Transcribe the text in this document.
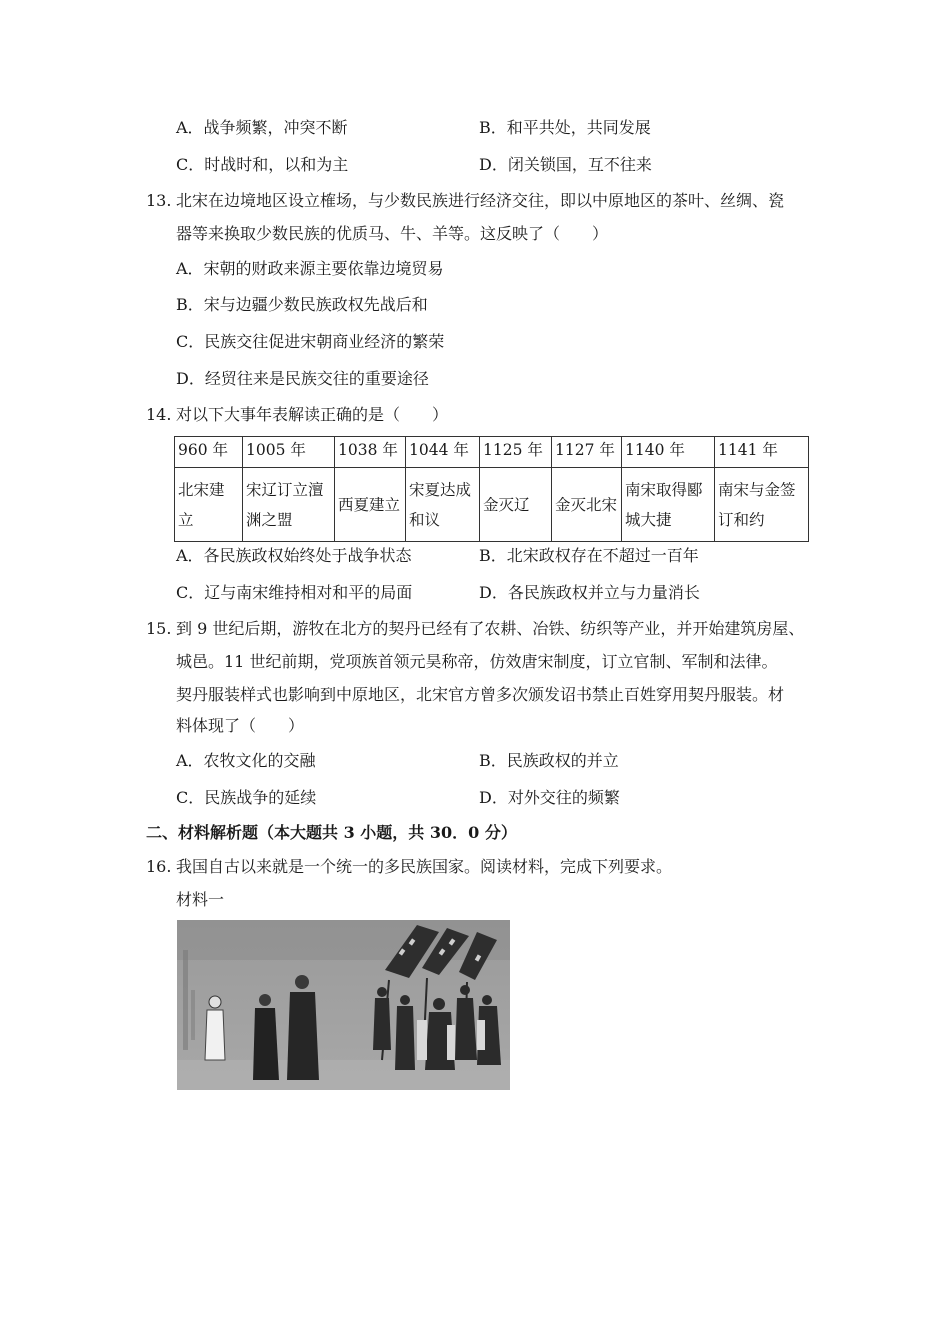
A．战争频繁，冲突不断	B．和平共处，共同发展
C．时战时和，以和为主	D．闭关锁国，互不往来
13. 北宋在边境地区设立榷场，与少数民族进行经济交往，即以中原地区的茶叶、丝绸、瓷
器等来换取少数民族的优质马、牛、羊等。这反映了（　　）
A．宋朝的财政来源主要依靠边境贸易
B．宋与边疆少数民族政权先战后和
C．民族交往促进宋朝商业经济的繁荣
D．经贸往来是民族交往的重要途径
14. 对以下大事年表解读正确的是（　　）
960 年	1005 年	1038 年	1044 年	1125 年	1127 年	1140 年	1141 年
北宋建立	宋辽订立澶渊之盟	西夏建立	宋夏达成和议	金灭辽	金灭北宋	南宋取得郾城大捷	南宋与金签订和约
A．各民族政权始终处于战争状态	B．北宋政权存在不超过一百年
C．辽与南宋维持相对和平的局面	D．各民族政权并立与力量消长
15. 到 9 世纪后期，游牧在北方的契丹已经有了农耕、冶铁、纺织等产业，并开始建筑房屋、
城邑。11 世纪前期，党项族首领元昊称帝，仿效唐宋制度，订立官制、军制和法律。
契丹服装样式也影响到中原地区，北宋官方曾多次颁发诏书禁止百姓穿用契丹服装。材
料体现了（　　）
A．农牧文化的交融	B．民族政权的并立
C．民族战争的延续	D．对外交往的频繁
二、材料解析题（本大题共 3 小题，共 30．0 分）
16. 我国自古以来就是一个统一的多民族国家。阅读材料，完成下列要求。
材料一
